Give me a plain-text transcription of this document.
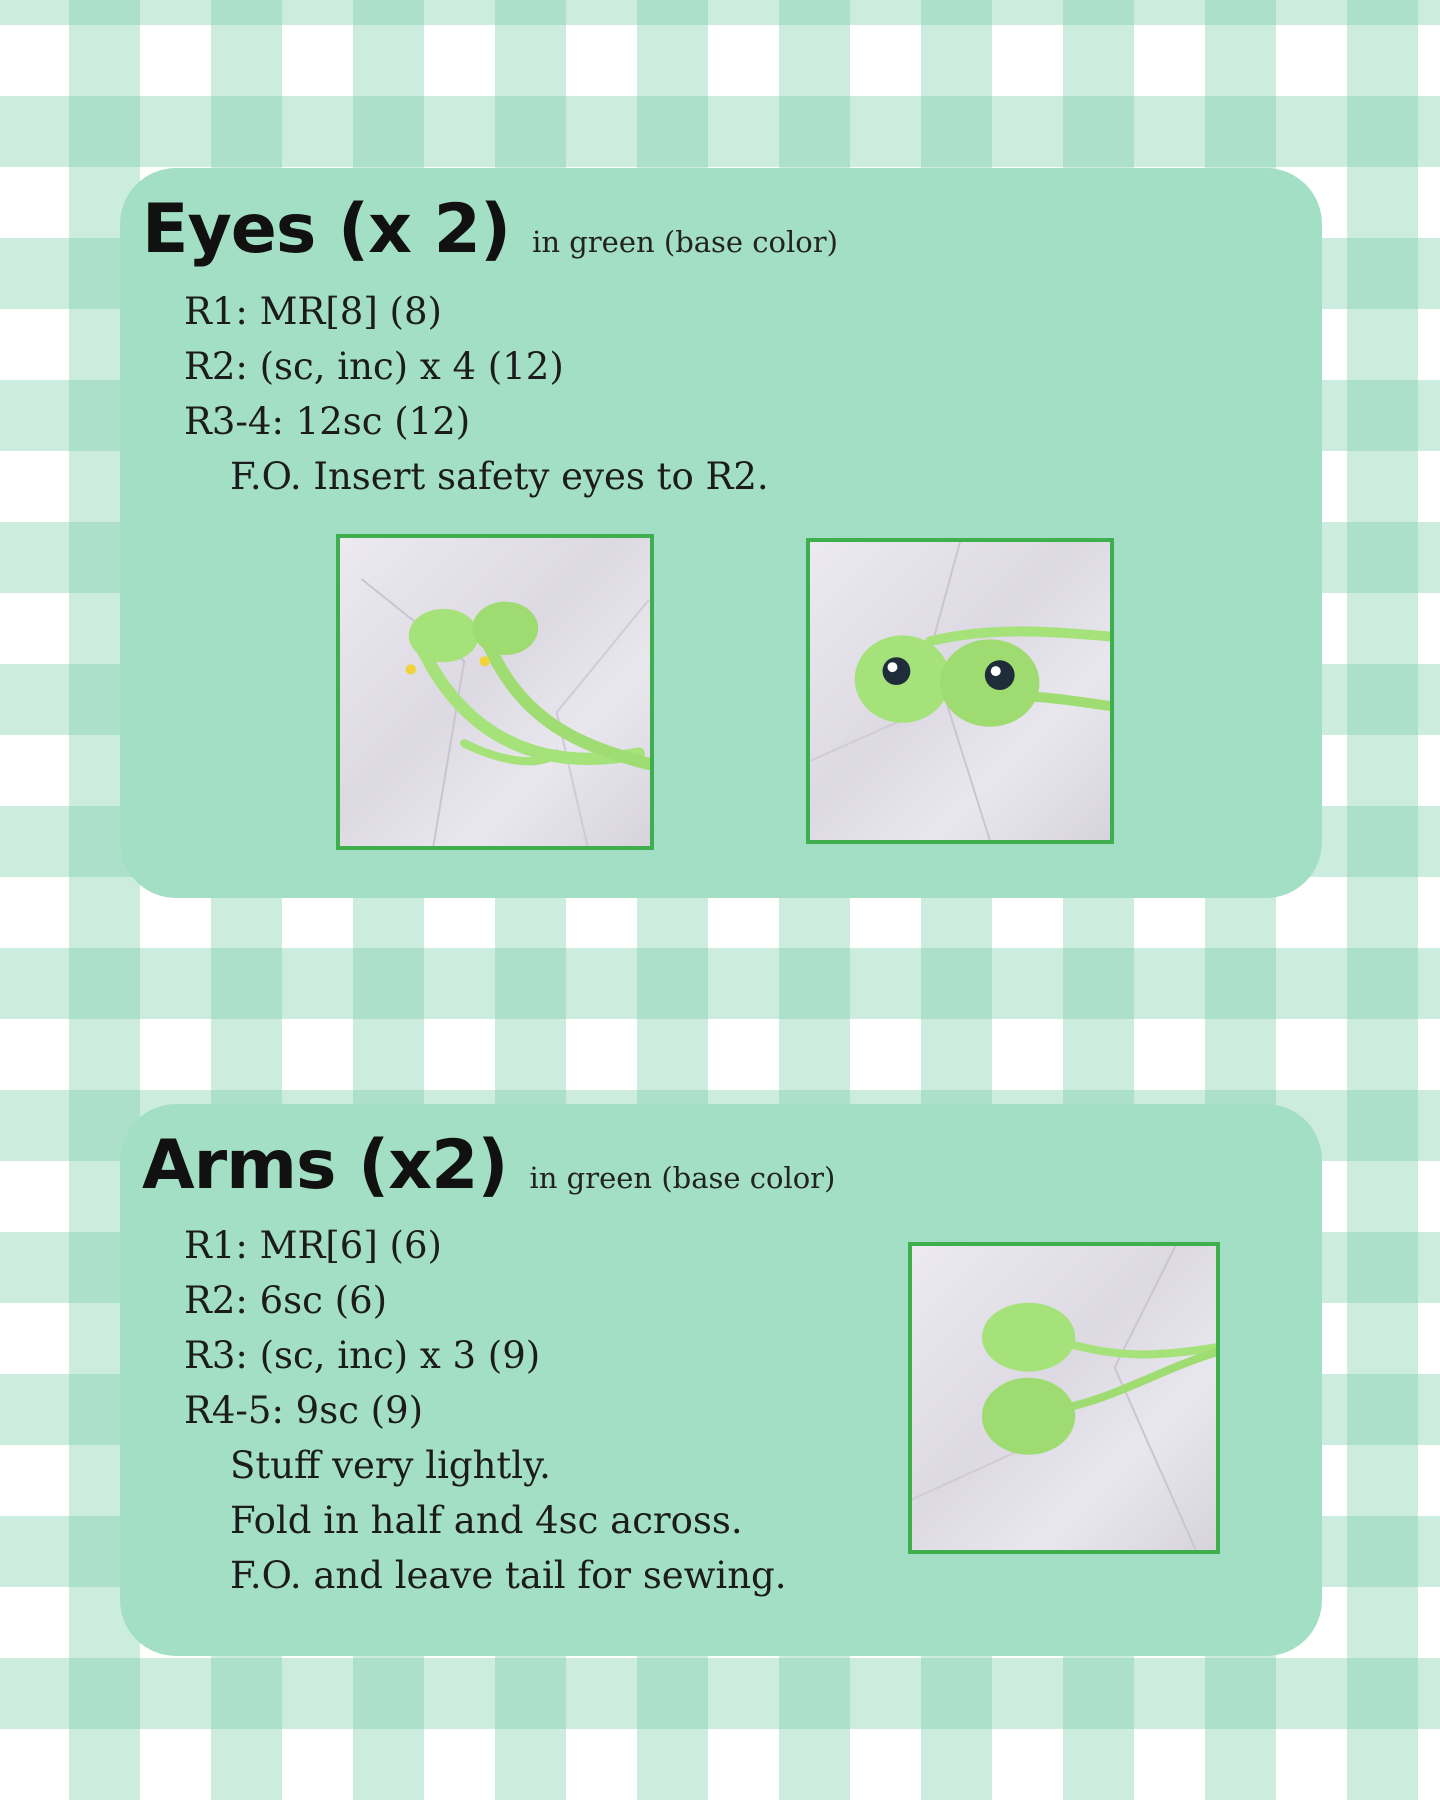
Eyes (x 2) in green (base color)
R1: MR[8] (8)
R2: (sc, inc) x 4 (12)
R3-4: 12sc (12)
F.O. Insert safety eyes to R2.
Arms (x2) in green (base color)
R1: MR[6] (6)
R2: 6sc (6)
R3: (sc, inc) x 3 (9)
R4-5: 9sc (9)
Stuff very lightly.
Fold in half and 4sc across.
F.O. and leave tail for sewing.
